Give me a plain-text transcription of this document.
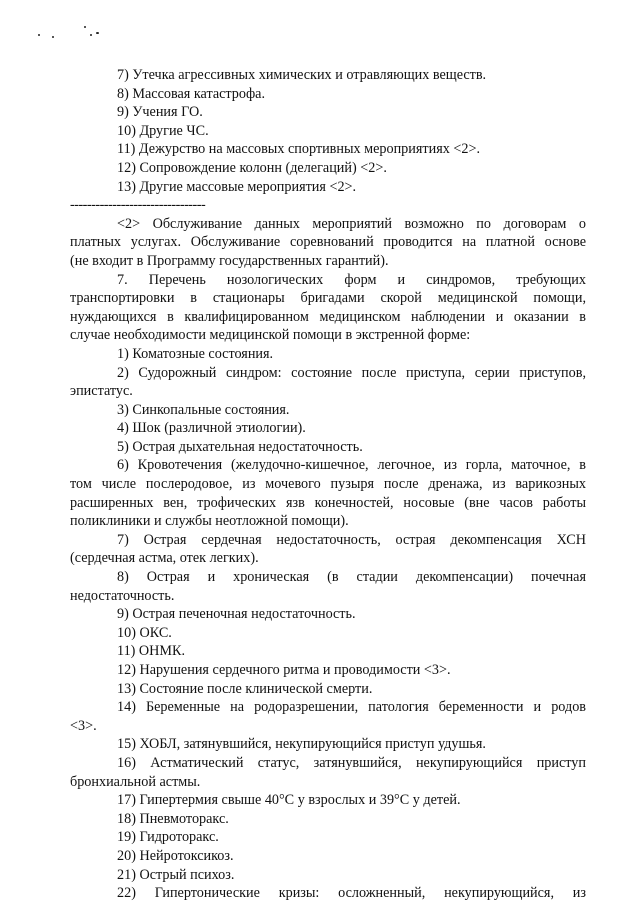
7) Утечка агрессивных химических и отравляющих веществ.
8) Массовая катастрофа.
9) Учения ГО.
10) Другие ЧС.
11) Дежурство на массовых спортивных мероприятиях <2>.
12) Сопровождение колонн (делегаций) <2>.
13) Другие массовые мероприятия <2>.
--------------------------------
<2> Обслуживание данных мероприятий возможно по договорам о
платных услугах. Обслуживание соревнований проводится на платной основе
(не входит в Программу государственных гарантий).
7. Перечень нозологических форм и синдромов, требующих
транспортировки в стационары бригадами скорой медицинской помощи,
нуждающихся в квалифицированном медицинском наблюдении и оказании в
случае необходимости медицинской помощи в экстренной форме:
1) Коматозные состояния.
2) Судорожный синдром: состояние после приступа, серии приступов,
эпистатус.
3) Синкопальные состояния.
4) Шок (различной этиологии).
5) Острая дыхательная недостаточность.
6) Кровотечения (желудочно-кишечное, легочное, из горла, маточное, в
том числе послеродовое, из мочевого пузыря после дренажа, из варикозных
расширенных вен, трофических язв конечностей, носовые (вне часов работы
поликлиники и службы неотложной помощи).
7) Острая сердечная недостаточность, острая декомпенсация ХСН
(сердечная астма, отек легких).
8) Острая и хроническая (в стадии декомпенсации) почечная
недостаточность.
9) Острая печеночная недостаточность.
10) ОКС.
11) ОНМК.
12) Нарушения сердечного ритма и проводимости <3>.
13) Состояние после клинической смерти.
14) Беременные на родоразрешении, патология беременности и родов
<3>.
15) ХОБЛ, затянувшийся, некупирующийся приступ удушья.
16) Астматический статус, затянувшийся, некупирующийся приступ
бронхиальной астмы.
17) Гипертермия свыше 40°С у взрослых и 39°С у детей.
18) Пневмоторакс.
19) Гидроторакс.
20) Нейротоксикоз.
21) Острый психоз.
22) Гипертонические кризы: осложненный, некупирующийся, из
